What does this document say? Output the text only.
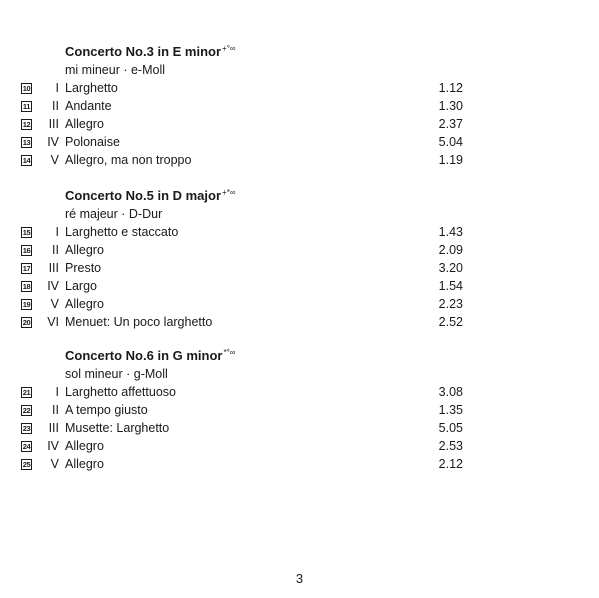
Concerto No.3 in E minor+°∞
mi mineur · e-Moll
10 I Larghetto	1.12
11 II Andante	1.30
12 III Allegro	2.37
13 IV Polonaise	5.04
14 V Allegro, ma non troppo	1.19
Concerto No.5 in D major+*∞
ré majeur · D-Dur
15 I Larghetto e staccato	1.43
16 II Allegro	2.09
17 III Presto	3.20
18 IV Largo	1.54
19 V Allegro	2.23
20 VI Menuet: Un poco larghetto	2.52
Concerto No.6 in G minor*°∞
sol mineur · g-Moll
21 I Larghetto affettuoso	3.08
22 II A tempo giusto	1.35
23 III Musette: Larghetto	5.05
24 IV Allegro	2.53
25 V Allegro	2.12
3
